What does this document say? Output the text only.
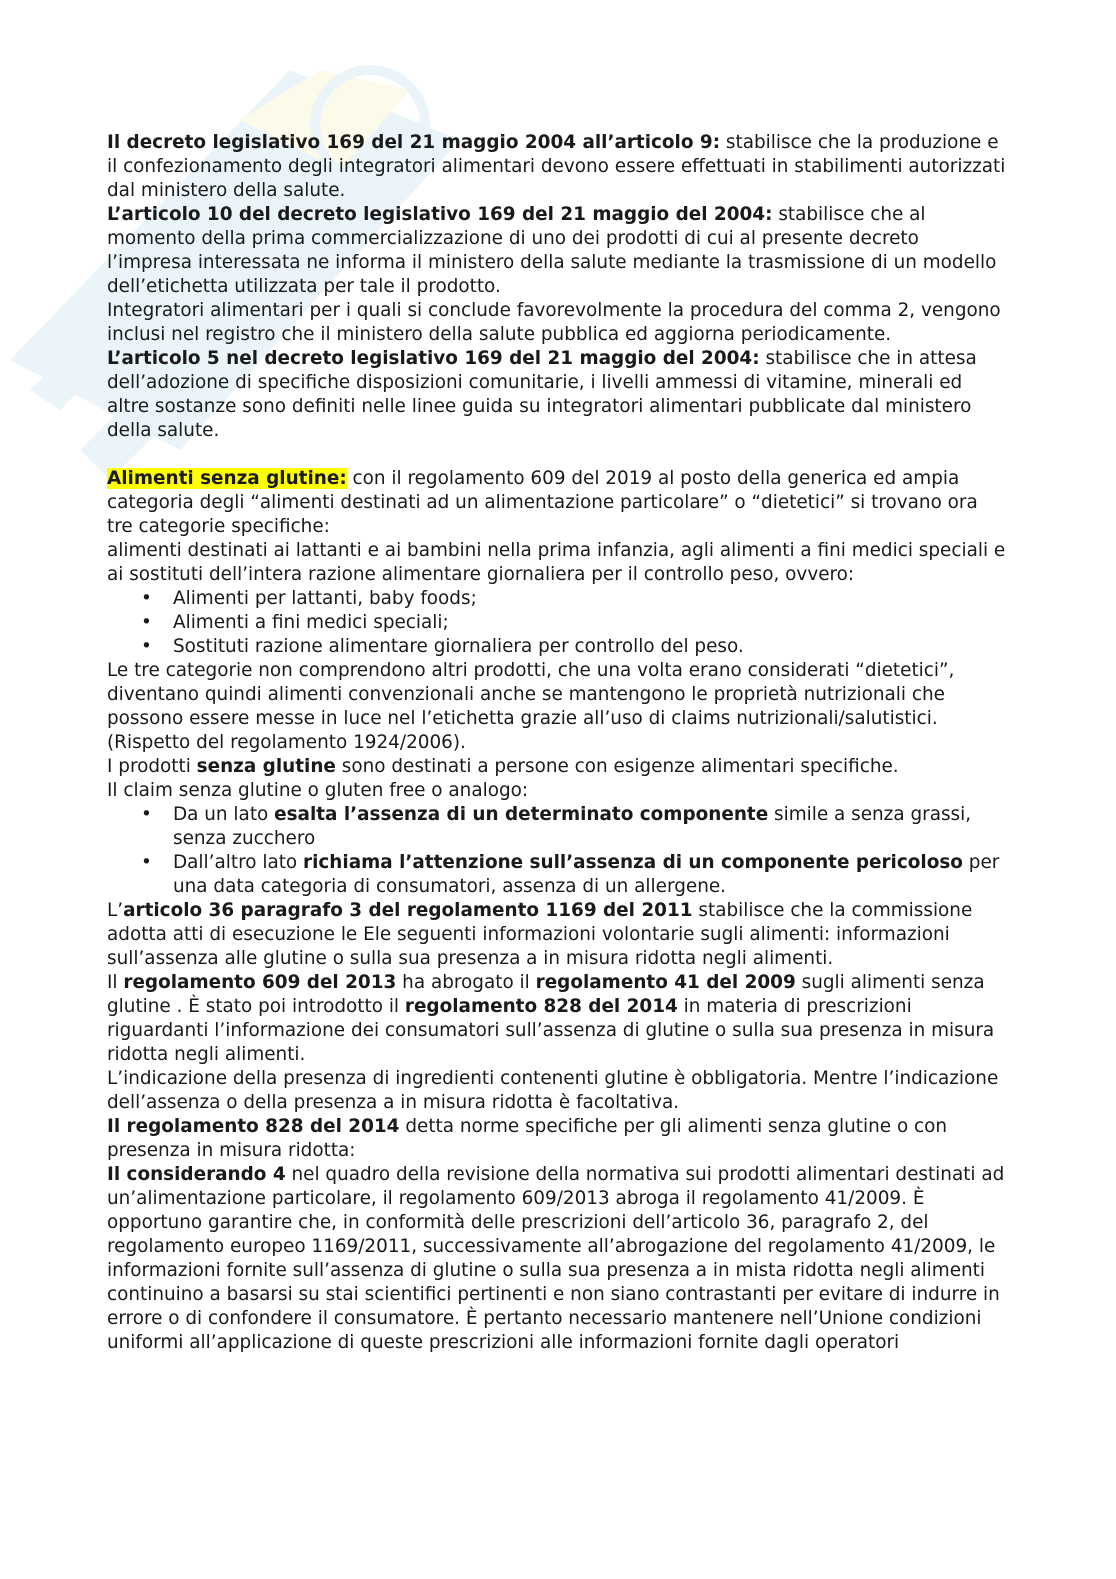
Il decreto legislativo 169 del 21 maggio 2004 all’articolo 9: stabilisce che la produzione e il confezionamento degli integratori alimentari devono essere effettuati in stabilimenti autorizzati dal ministero della salute.

L’articolo 10 del decreto legislativo 169 del 21 maggio del 2004: stabilisce che al momento della prima commercializzazione di uno dei prodotti di cui al presente decreto l’impresa interessata ne informa il ministero della salute mediante la trasmissione di un modello dell’etichetta utilizzata per tale il prodotto.

Integratori alimentari per i quali si conclude favorevolmente la procedura del comma 2, vengono inclusi nel registro che il ministero della salute pubblica ed aggiorna periodicamente.

L’articolo 5 nel decreto legislativo 169 del 21 maggio del 2004: stabilisce che in attesa dell’adozione di specifiche disposizioni comunitarie, i livelli ammessi di vitamine, minerali ed altre sostanze sono definiti nelle linee guida su integratori alimentari pubblicate dal ministero della salute.

Alimenti senza glutine: con il regolamento 609 del 2019 al posto della generica ed ampia categoria degli “alimenti destinati ad un alimentazione particolare” o “dietetici” si trovano ora tre categorie specifiche:

alimenti destinati ai lattanti e ai bambini nella prima infanzia, agli alimenti a fini medici speciali e ai sostituti dell’intera razione alimentare giornaliera per il controllo peso, ovvero:

• Alimenti per lattanti, baby foods;
• Alimenti a fini medici speciali;
• Sostituti razione alimentare giornaliera per controllo del peso.

Le tre categorie non comprendono altri prodotti, che una volta erano considerati “dietetici”, diventano quindi alimenti convenzionali anche se mantengono le proprietà nutrizionali che possono essere messe in luce nel l’etichetta grazie all’uso di claims nutrizionali/salutistici. (Rispetto del regolamento 1924/2006).

I prodotti senza glutine sono destinati a persone con esigenze alimentari specifiche.

Il claim senza glutine o gluten free o analogo:

• Da un lato esalta l’assenza di un determinato componente simile a senza grassi, senza zucchero
• Dall’altro lato richiama l’attenzione sull’assenza di un componente pericoloso per una data categoria di consumatori, assenza di un allergene.

L’articolo 36 paragrafo 3 del regolamento 1169 del 2011 stabilisce che la commissione adotta atti di esecuzione le Ele seguenti informazioni volontarie sugli alimenti: informazioni sull’assenza alle glutine o sulla sua presenza a in misura ridotta negli alimenti.

Il regolamento 609 del 2013 ha abrogato il regolamento 41 del 2009 sugli alimenti senza glutine . È stato poi introdotto il regolamento 828 del 2014 in materia di prescrizioni riguardanti l’informazione dei consumatori sull’assenza di glutine o sulla sua presenza in misura ridotta negli alimenti.

L’indicazione della presenza di ingredienti contenenti glutine è obbligatoria. Mentre l’indicazione dell’assenza o della presenza a in misura ridotta è facoltativa.

Il regolamento 828 del 2014 detta norme specifiche per gli alimenti senza glutine o con presenza in misura ridotta:

Il considerando 4 nel quadro della revisione della normativa sui prodotti alimentari destinati ad un’alimentazione particolare, il regolamento 609/2013 abroga il regolamento 41/2009. È opportuno garantire che, in conformità delle prescrizioni dell’articolo 36, paragrafo 2, del regolamento europeo 1169/2011, successivamente all’abrogazione del regolamento 41/2009, le informazioni fornite sull’assenza di glutine o sulla sua presenza a in mista ridotta negli alimenti continuino a basarsi su stai scientifici pertinenti e non siano contrastanti per evitare di indurre in errore o di confondere il consumatore. È pertanto necessario mantenere nell’Unione condizioni uniformi all’applicazione di queste prescrizioni alle informazioni fornite dagli operatori
